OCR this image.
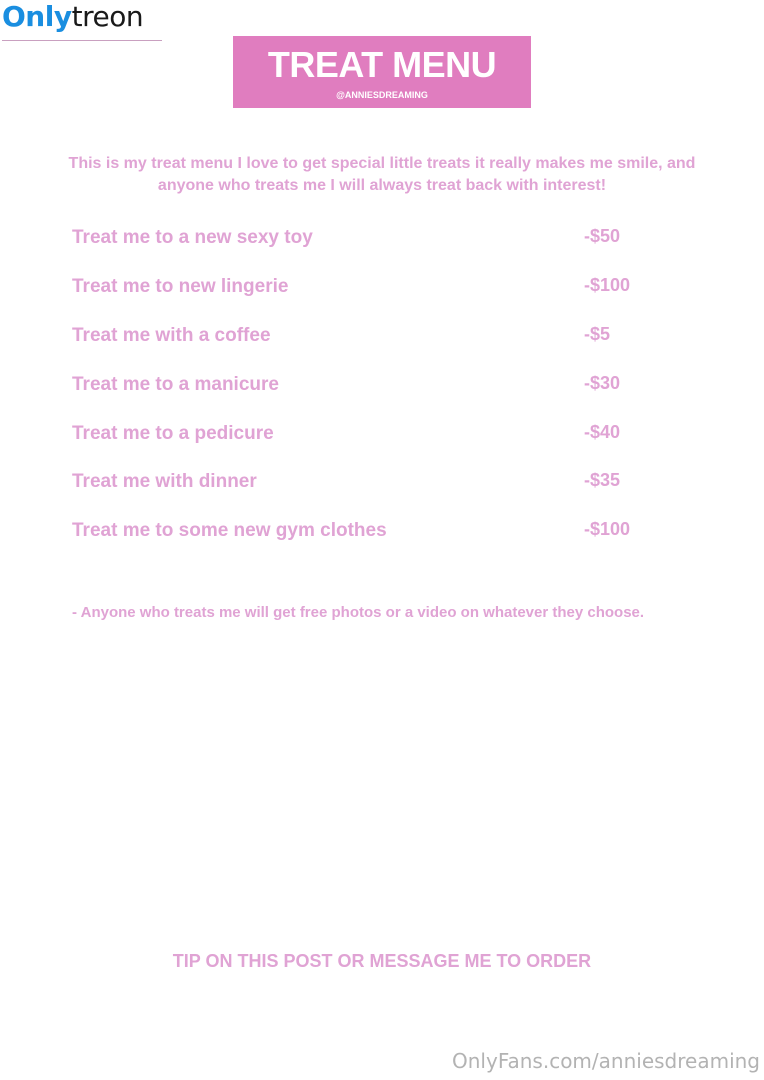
Onlytreon
TREAT MENU
@ANNIESDREAMING
This is my treat menu I love to get special little treats it really makes me smile, and anyone who treats me I will always treat back with interest!
Treat me to a new sexy toy	-$50
Treat me to new lingerie	-$100
Treat me with a coffee	-$5
Treat me to a manicure	-$30
Treat me to a pedicure	-$40
Treat me with dinner	-$35
Treat me to some new gym clothes	-$100
- Anyone who treats me will get free photos or a video on whatever they choose.
TIP ON THIS POST OR MESSAGE ME TO ORDER
OnlyFans.com/anniesdreaming
